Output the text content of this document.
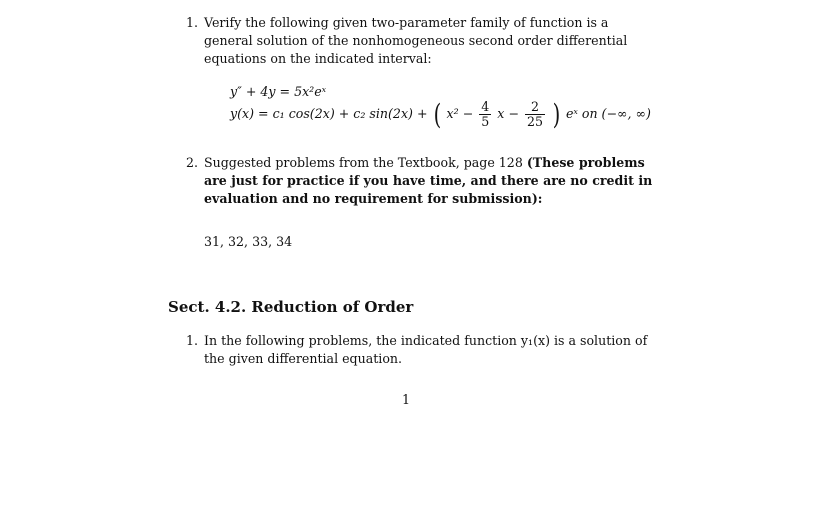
1. Verify the following given two-parameter family of function is a general solution of the nonhomogeneous second order differential equations on the indicated interval:
y″ + 4y = 5x²eˣ
y(x) = c₁ cos(2x) + c₂ sin(2x) + ( $x^2 - \frac{4}{5}$ $x - \frac{2}{25}$ ) eˣ on (−∞, ∞)
2. Suggested problems from the Textbook, page 128 (These problems are just for practice if you have time, and there are no credit in evaluation and no requirement for submission):
31, 32, 33, 34
Sect. 4.2. Reduction of Order
1. In the following problems, the indicated function y₁(x) is a solution of the given differential equation.
1
